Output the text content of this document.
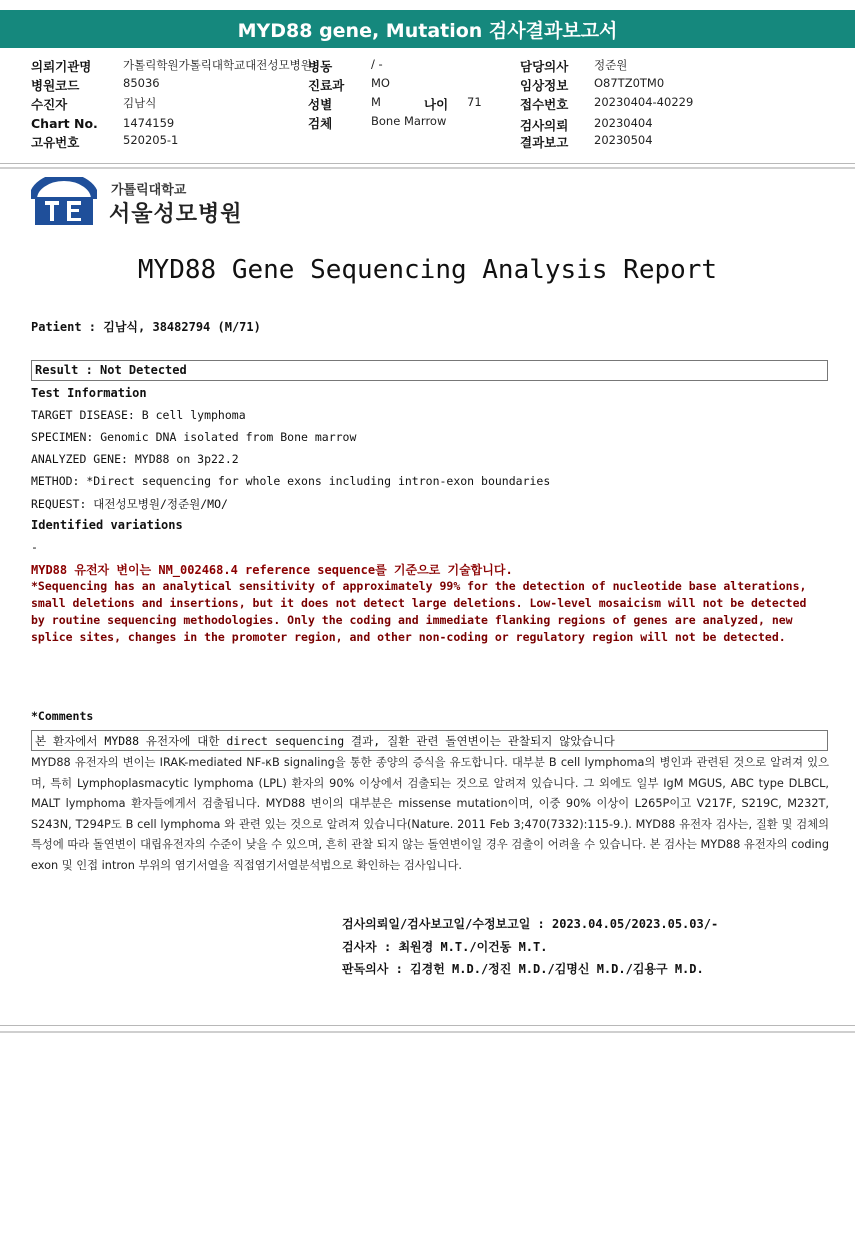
MYD88 gene, Mutation 검사결과보고서
의뢰기관명	가톨릭학원가톨릭대학교대전성모병원
병원코드	85036
수진자	김남식
Chart No. 1474159
고유번호	520205-1
병동	/ -
진료과 MO
성별	M	나이 71
검체	Bone Marrow
담당의사 정준원
임상정보 O87TZ0TM0
접수번호 20230404-40229
검사의뢰 20230404
결과보고 20230504
가톨릭대학교
서울성모병원
MYD88 Gene Sequencing Analysis Report
Patient : 김남식, 38482794 (M/71)
Result : Not Detected
Test Information
TARGET DISEASE: B cell lymphoma
SPECIMEN: Genomic DNA isolated from Bone marrow
ANALYZED GENE: MYD88 on 3p22.2
METHOD: *Direct sequencing for whole exons including intron-exon boundaries
REQUEST: 대전성모병원/정준원/MO/
Identified variations
-
MYD88 유전자 변이는 NM_002468.4 reference sequence를 기준으로 기술합니다.
*Sequencing has an analytical sensitivity of approximately 99% for the detection of nucleotide base alterations, small deletions and insertions, but it does not detect large deletions. Low-level mosaicism will not be detected by routine sequencing methodologies. Only the coding and immediate flanking regions of genes are analyzed, new splice sites, changes in the promoter region, and other non-coding or regulatory region will not be detected.
*Comments
본 환자에서 MYD88 유전자에 대한 direct sequencing 결과, 질환 관련 돌연변이는 관찰되지 않았습니다
MYD88 유전자의 변이는 IRAK-mediated NF-κB signaling을 통한 종양의 증식을 유도합니다. 대부분 B cell lymphoma의 병인과 관련된 것으로 알려져 있으며, 특히 Lymphoplasmacytic lymphoma (LPL) 환자의 90% 이상에서 검출되는 것으로 알려져 있습니다. 그 외에도 일부 IgM MGUS, ABC type DLBCL, MALT lymphoma 환자들에게서 검출됩니다. MYD88 변이의 대부분은 missense mutation이며, 이중 90% 이상이 L265P이고 V217F, S219C, M232T, S243N, T294P도 B cell lymphoma 와 관련 있는 것으로 알려져 있습니다(Nature. 2011 Feb 3;470(7332):115-9.). MYD88 유전자 검사는, 질환 및 검체의 특성에 따라 돌연변이 대립유전자의 수준이 낮을 수 있으며, 흔히 관찰 되지 않는 돌연변이일 경우 검출이 어려울 수 있습니다. 본 검사는 MYD88 유전자의 coding exon 및 인접 intron 부위의 염기서열을 직접염기서열분석법으로 확인하는 검사입니다.
검사의뢰일/검사보고일/수정보고일 : 2023.04.05/2023.05.03/-
검사자 : 최원경 M.T./이건동 M.T.
판독의사 : 김경헌 M.D./정진 M.D./김명신 M.D./김용구 M.D.
